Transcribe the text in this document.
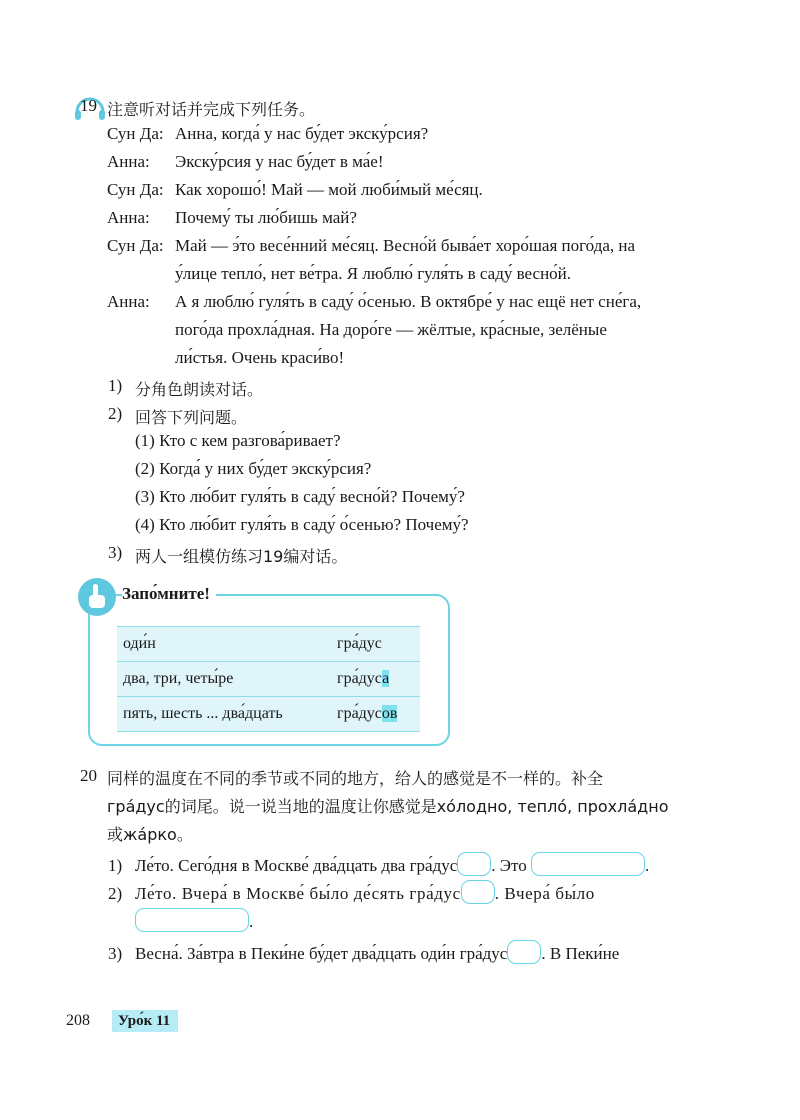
19 注意听对话并完成下列任务。
Сун Да: Анна, когда́ у нас бу́дет экску́рсия?
Анна: Экску́рсия у нас бу́дет в ма́е!
Сун Да: Как хорошо́! Май — мой люби́мый ме́сяц.
Анна: Почему́ ты лю́бишь май?
Сун Да: Май — э́то весе́нний ме́сяц. Весно́й быва́ет хоро́шая пого́да, на
у́лице тепло́, нет ве́тра. Я люблю́ гуля́ть в саду́ весно́й.
Анна: А я люблю́ гуля́ть в саду́ о́сенью. В октябре́ у нас ещё нет сне́га,
пого́да прохла́дная. На доро́ге — жёлтые, кра́сные, зелёные
ли́стья. Очень краси́во!
1) 分角色朗读对话。
2) 回答下列问题。
(1) Кто с кем разгова́ривает?
(2) Когда́ у них бу́дет экску́рсия?
(3) Кто лю́бит гуля́ть в саду́ весно́й? Почему́?
(4) Кто лю́бит гуля́ть в саду́ о́сенью? Почему́?
3) 两人一组模仿练习19编对话。
Запо́мните!
оди́н	гра́дус
два, три, четы́ре	гра́дуса
пять, шесть ... два́дцать	гра́дусов
20 同样的温度在不同的季节或不同的地方，给人的感觉是不一样的。补全
гра́дус的词尾。说一说当地的温度让你感觉是хо́лодно, тепло́, прохла́дно
或жа́рко。
1) Ле́то. Сего́дня в Москве́ два́дцать два гра́дус . Это	.
2) Ле́то. Вчера́ в Москве́ бы́ло де́сять гра́дус . Вчера́ бы́ло
.
3) Весна́. За́втра в Пеки́не бу́дет два́дцать оди́н гра́дус . В Пеки́не
208	Уро́к 11
